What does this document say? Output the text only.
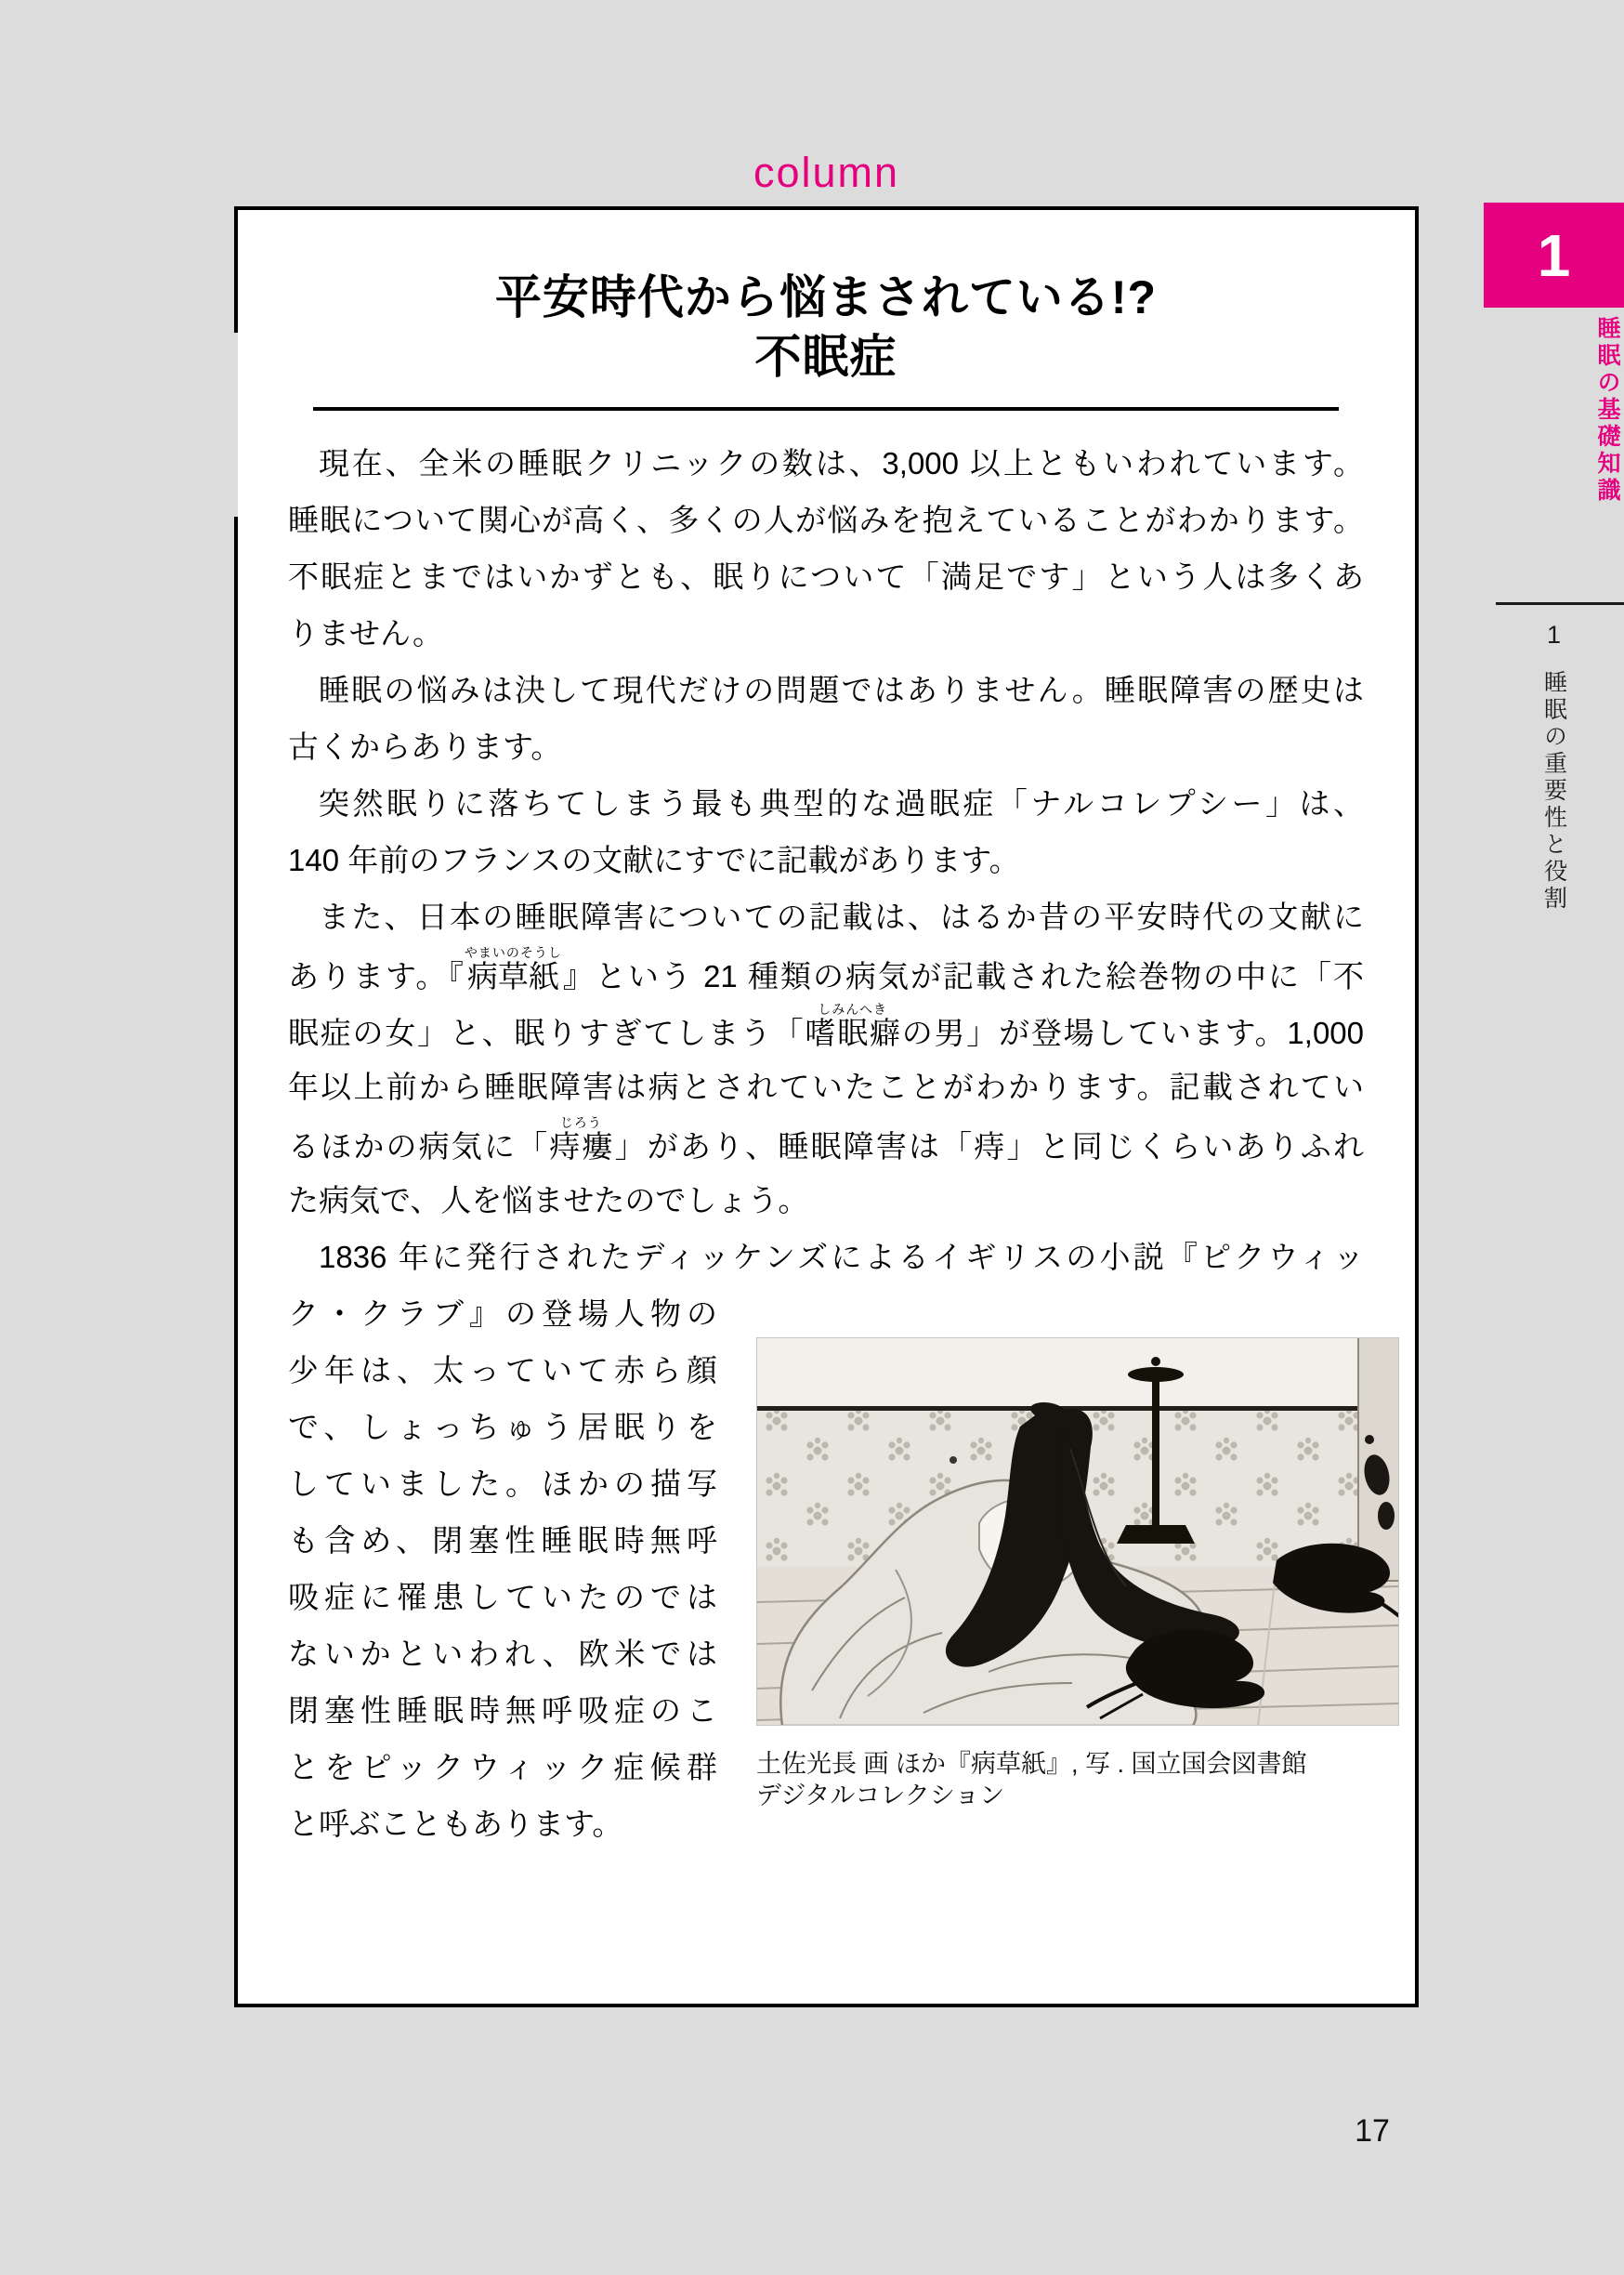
column
平安時代から悩まされている!?
不眠症
現在、全米の睡眠クリニックの数は、3,000 以上ともいわれています。
睡眠について関心が高く、多くの人が悩みを抱えていることがわかります。
不眠症とまではいかずとも、眠りについて「満足です」という人は多くあ
りません。
睡眠の悩みは決して現代だけの問題ではありません。睡眠障害の歴史は
古くからあります。
突然眠りに落ちてしまう最も典型的な過眠症「ナルコレプシー」は、
140 年前のフランスの文献にすでに記載があります。
また、日本の睡眠障害についての記載は、はるか昔の平安時代の文献に
あります。『病草紙やまいのそうし』という 21 種類の病気が記載された絵巻物の中に「不
眠症の女」と、眠りすぎてしまう「嗜眠癖しみんへきの男」が登場しています。1,000
年以上前から睡眠障害は病とされていたことがわかります。記載されてい
るほかの病気に「痔瘻じろう」があり、睡眠障害は「痔」と同じくらいありふれ
た病気で、人を悩ませたのでしょう。
1836 年に発行されたディッケンズによるイギリスの小説『ピクウィッ
ク・クラブ』の登場人物の
少年は、太っていて赤ら顔
で、しょっちゅう居眠りを
していました。ほかの描写
も含め、閉塞性睡眠時無呼
吸症に罹患していたのでは
ないかといわれ、欧米では
閉塞性睡眠時無呼吸症のこ
とをピックウィック症候群
と呼ぶこともあります。
土佐光長 画 ほか『病草紙』, 写 . 国立国会図書館
デジタルコレクション
1
睡眠の基礎知識
1
睡眠の重要性と役割
17
